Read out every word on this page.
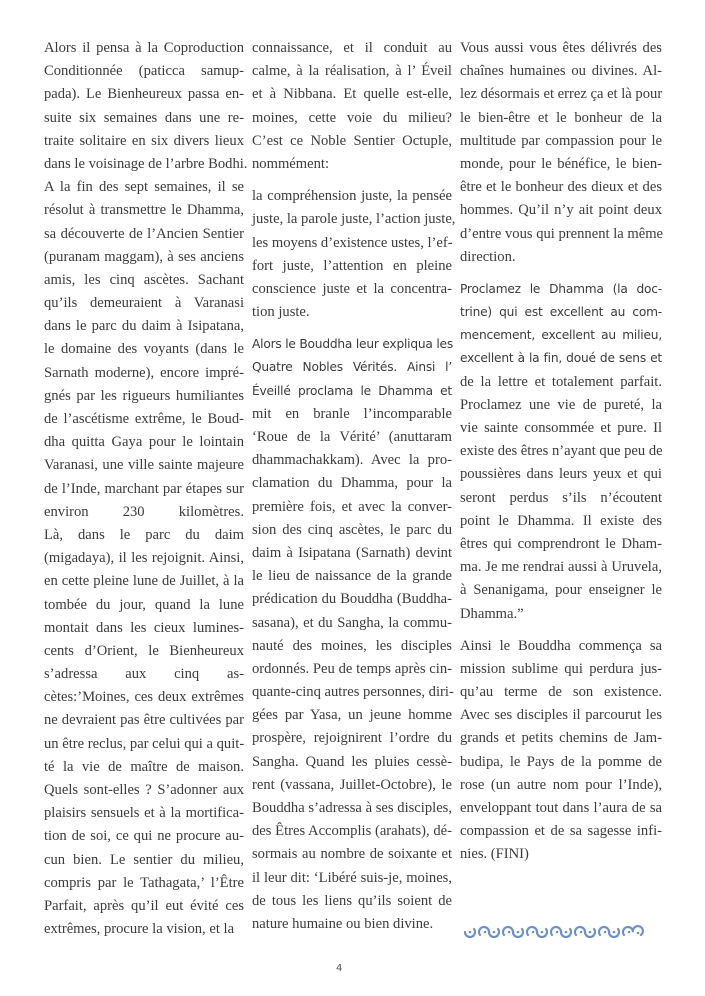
Alors il pensa à la Coproduction
Conditionnée (paticca samup-
pada). Le Bienheureux passa en-
suite six semaines dans une re-
traite solitaire en six divers lieux
dans le voisinage de l’arbre Bodhi.
A la fin des sept semaines, il se
résolut à transmettre le Dhamma,
sa découverte de l’Ancien Sentier
(puranam maggam), à ses anciens
amis, les cinq ascètes. Sachant
qu’ils demeuraient à Varanasi
dans le parc du daim à Isipatana,
le domaine des voyants (dans le
Sarnath moderne), encore impré-
gnés par les rigueurs humiliantes
de l’ascétisme extrême, le Boud-
dha quitta Gaya pour le lointain
Varanasi, une ville sainte majeure
de l’Inde, marchant par étapes sur
environ 230 kilomètres.
Là, dans le parc du daim
(migadaya), il les rejoignit. Ainsi,
en cette pleine lune de Juillet, à la
tombée du jour, quand la lune
montait dans les cieux lumines-
cents d’Orient, le Bienheureux
s’adressa aux cinq as-
cètes:’Moines, ces deux extrêmes
ne devraient pas être cultivées par
un être reclus, par celui qui a quit-
té la vie de maître de maison.
Quels sont-elles ? S’adonner aux
plaisirs sensuels et à la mortifica-
tion de soi, ce qui ne procure au-
cun bien. Le sentier du milieu,
compris par le Tathagata,’ l’Être
Parfait, après qu’il eut évité ces
extrêmes, procure la vision, et la
connaissance, et il conduit au
calme, à la réalisation, à l’ Éveil
et à Nibbana. Et quelle est-elle,
moines, cette voie du milieu?
C’est ce Noble Sentier Octuple,
nommément:
la compréhension juste, la pensée
juste, la parole juste, l’action juste,
les moyens d’existence ustes, l’ef-
fort juste, l’attention en pleine
conscience juste et la concentra-
tion juste.
Alors le Bouddha leur expliqua les
Quatre Nobles Vérités. Ainsi l’
Éveillé proclama le Dhamma et
mit en branle l’incomparable
‘Roue de la Vérité’ (anuttaram
dhammachakkam). Avec la pro-
clamation du Dhamma, pour la
première fois, et avec la conver-
sion des cinq ascètes, le parc du
daim à Isipatana (Sarnath) devint
le lieu de naissance de la grande
prédication du Bouddha (Buddha-
sasana), et du Sangha, la commu-
nauté des moines, les disciples
ordonnés. Peu de temps après cin-
quante-cinq autres personnes, diri-
gées par Yasa, un jeune homme
prospère, rejoignirent l’ordre du
Sangha. Quand les pluies cessè-
rent (vassana, Juillet-Octobre), le
Bouddha s’adressa à ses disciples,
des Êtres Accomplis (arahats), dé-
sormais au nombre de soixante et
il leur dit: ‘Libéré suis-je, moines,
de tous les liens qu’ils soient de
nature humaine ou bien divine.
Vous aussi vous êtes délivrés des
chaînes humaines ou divines. Al-
lez désormais et errez ça et là pour
le bien-être et le bonheur de la
multitude par compassion pour le
monde, pour le bénéfice, le bien-
être et le bonheur des dieux et des
hommes. Qu’il n’y ait point deux
d’entre vous qui prennent la même
direction.
Proclamez le Dhamma (la doc-
trine) qui est excellent au com-
mencement, excellent au milieu,
excellent à la fin, doué de sens et
de la lettre et totalement parfait.
Proclamez une vie de pureté, la
vie sainte consommée et pure. Il
existe des êtres n’ayant que peu de
poussières dans leurs yeux et qui
seront perdus s’ils n’écoutent
point le Dhamma. Il existe des
êtres qui comprendront le Dham-
ma. Je me rendrai aussi à Uruvela,
à Senanigama, pour enseigner le
Dhamma.”
Ainsi le Bouddha commença sa
mission sublime qui perdura jus-
qu’au terme de son existence.
Avec ses disciples il parcourut les
grands et petits chemins de Jam-
budipa, le Pays de la pomme de
rose (un autre nom pour l’Inde),
enveloppant tout dans l’aura de sa
compassion et de sa sagesse infi-
nies. (FINI)
4
